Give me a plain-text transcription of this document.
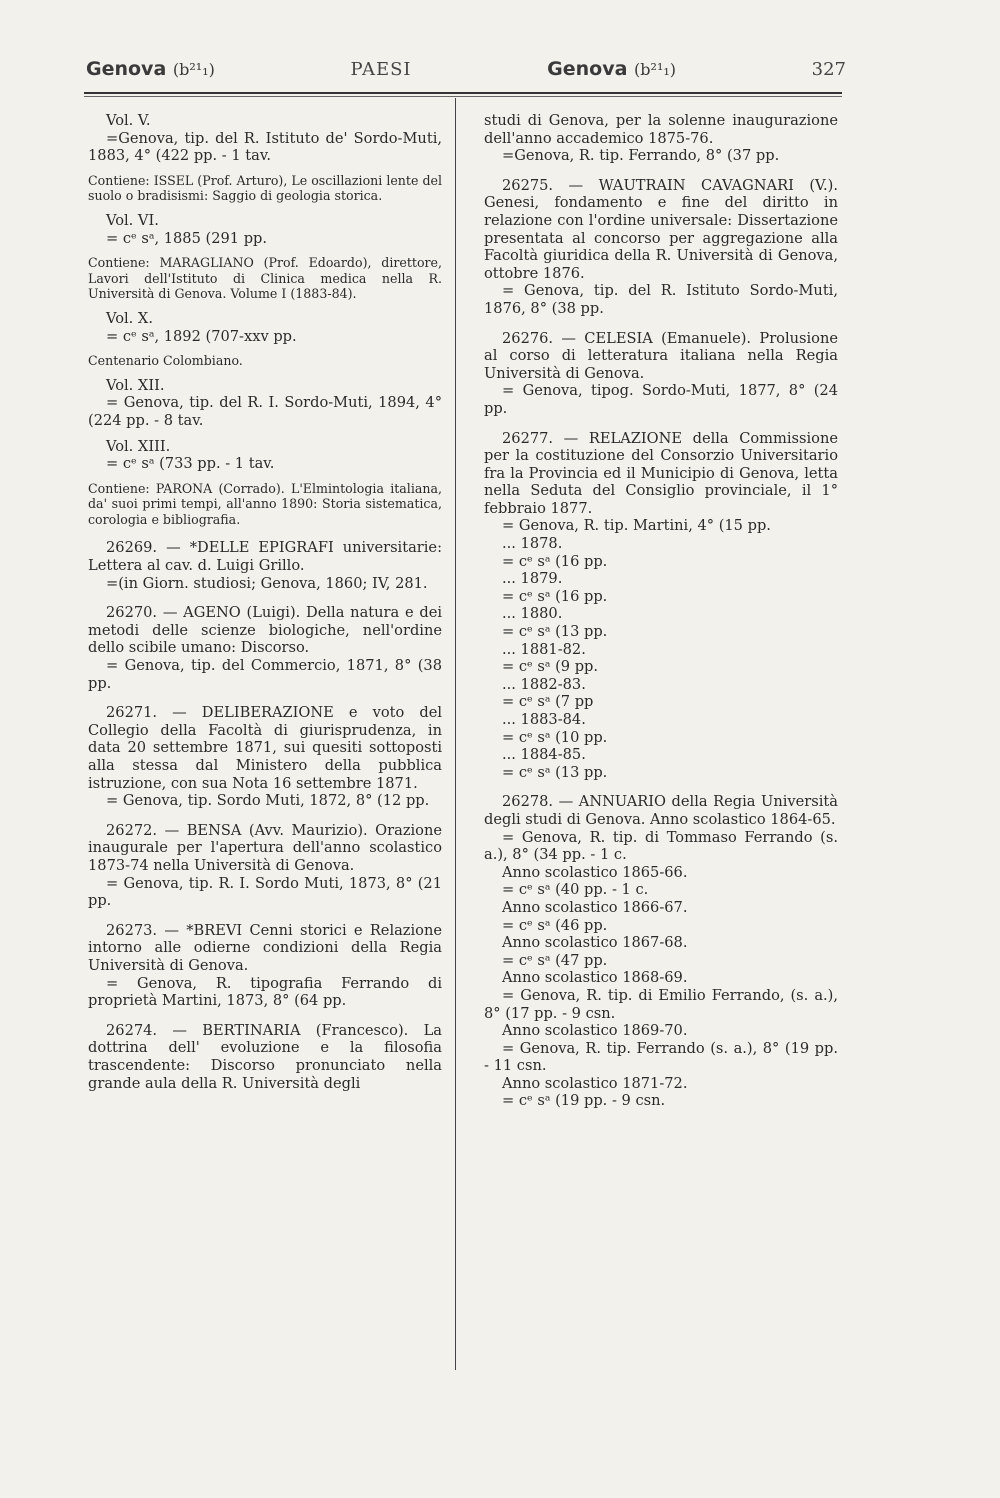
Genova (b²¹₁)	PAESI	Genova (b²¹₁)	327

Vol. V.

=Genova, tip. del R. Istituto de' Sordo-Muti, 1883, 4° (422 pp. - 1 tav.

Contiene: ISSEL (Prof. Arturo), Le oscillazioni lente del suolo o bradisismi: Saggio di geologia storica.

Vol. VI.

= cᵉ sᵃ, 1885 (291 pp.

Contiene: MARAGLIANO (Prof. Edoardo), direttore, Lavori dell'Istituto di Clinica medica nella R. Università di Genova. Volume I (1883-84).

Vol. X.

= cᵉ sᵃ, 1892 (707-xxv pp.

Centenario Colombiano.

Vol. XII.

= Genova, tip. del R. I. Sordo-Muti, 1894, 4° (224 pp. - 8 tav.

Vol. XIII.

= cᵉ sᵃ (733 pp. - 1 tav.

Contiene: PARONA (Corrado). L'Elmintologia italiana, da' suoi primi tempi, all'anno 1890: Storia sistematica, corologia e bibliografia.

26269. — *DELLE EPIGRAFI universitarie: Lettera al cav. d. Luigi Grillo.

=(in Giorn. studiosi; Genova, 1860; IV, 281.

26270. — AGENO (Luigi). Della natura e dei metodi delle scienze biologiche, nell'ordine dello scibile umano: Discorso.

= Genova, tip. del Commercio, 1871, 8° (38 pp.

26271. — DELIBERAZIONE e voto del Collegio della Facoltà di giurisprudenza, in data 20 settembre 1871, sui quesiti sottoposti alla stessa dal Ministero della pubblica istruzione, con sua Nota 16 settembre 1871.

= Genova, tip. Sordo Muti, 1872, 8° (12 pp.

26272. — BENSA (Avv. Maurizio). Orazione inaugurale per l'apertura dell'anno scolastico 1873-74 nella Università di Genova.

= Genova, tip. R. I. Sordo Muti, 1873, 8° (21 pp.

26273. — *BREVI Cenni storici e Relazione intorno alle odierne condizioni della Regia Università di Genova.

= Genova, R. tipografia Ferrando di proprietà Martini, 1873, 8° (64 pp.

26274. — BERTINARIA (Francesco). La dottrina dell' evoluzione e la filosofia trascendente: Discorso pronunciato nella grande aula della R. Università degli

studi di Genova, per la solenne inaugurazione dell'anno accademico 1875-76.

=Genova, R. tip. Ferrando, 8° (37 pp.

26275. — WAUTRAIN CAVAGNARI (V.). Genesi, fondamento e fine del diritto in relazione con l'ordine universale: Dissertazione presentata al concorso per aggregazione alla Facoltà giuridica della R. Università di Genova, ottobre 1876.

= Genova, tip. del R. Istituto Sordo-Muti, 1876, 8° (38 pp.

26276. — CELESIA (Emanuele). Prolusione al corso di letteratura italiana nella Regia Università di Genova.

= Genova, tipog. Sordo-Muti, 1877, 8° (24 pp.

26277. — RELAZIONE della Commissione per la costituzione del Consorzio Universitario fra la Provincia ed il Municipio di Genova, letta nella Seduta del Consiglio provinciale, il 1° febbraio 1877.

= Genova, R. tip. Martini, 4° (15 pp.

... 1878.

= cᵉ sᵃ (16 pp.

... 1879.

= cᵉ sᵃ (16 pp.

... 1880.

= cᵉ sᵃ (13 pp.

... 1881-82.

= cᵉ sᵃ (9 pp.

... 1882-83.

= cᵉ sᵃ (7 pp

... 1883-84.

= cᵉ sᵃ (10 pp.

... 1884-85.

= cᵉ sᵃ (13 pp.

26278. — ANNUARIO della Regia Università degli studi di Genova. Anno scolastico 1864-65.

= Genova, R. tip. di Tommaso Ferrando (s. a.), 8° (34 pp. - 1 c.

Anno scolastico 1865-66.

= cᵉ sᵃ (40 pp. - 1 c.

Anno scolastico 1866-67.

= cᵉ sᵃ (46 pp.

Anno scolastico 1867-68.

= cᵉ sᵃ (47 pp.

Anno scolastico 1868-69.

= Genova, R. tip. di Emilio Ferrando, (s. a.), 8° (17 pp. - 9 csn.

Anno scolastico 1869-70.

= Genova, R. tip. Ferrando (s. a.), 8° (19 pp. - 11 csn.

Anno scolastico 1871-72.

= cᵉ sᵃ (19 pp. - 9 csn.
